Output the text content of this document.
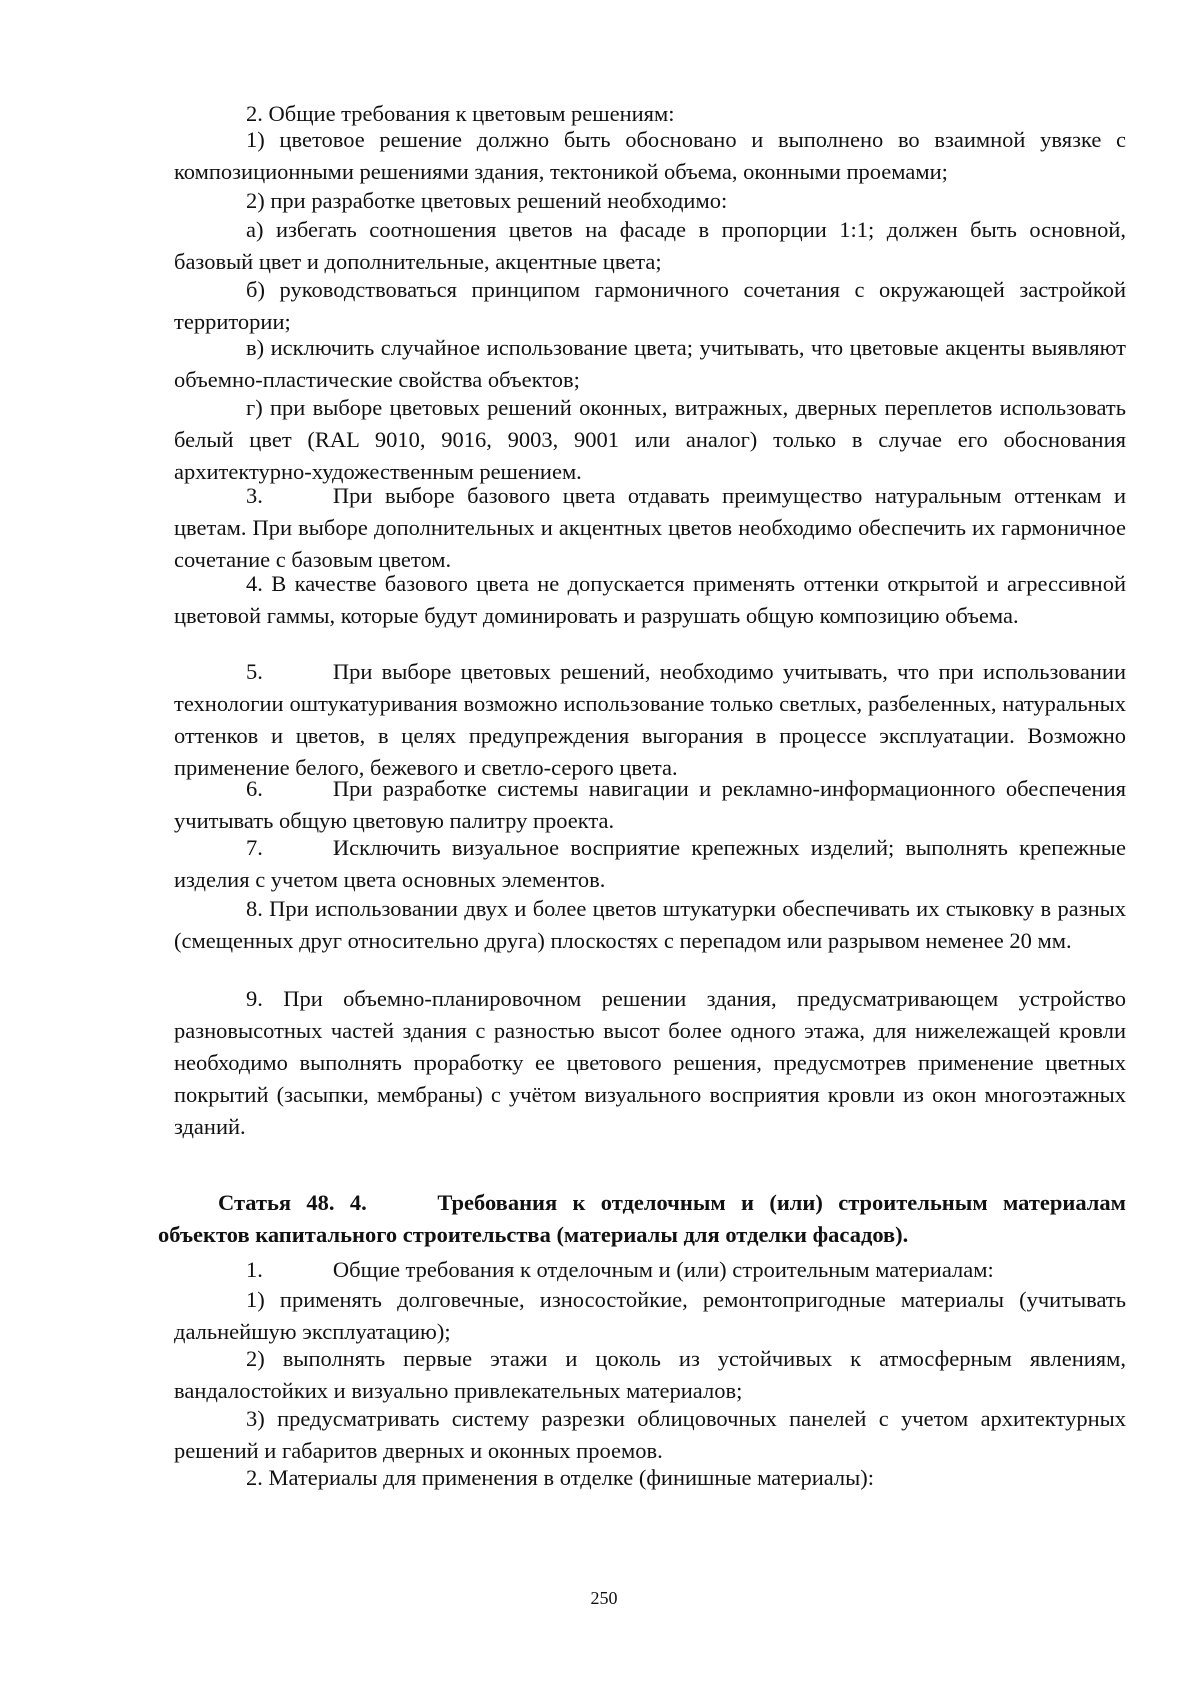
2. Общие требования к цветовым решениям:

1) цветовое решение должно быть обосновано и выполнено во взаимной увязке с композиционными решениями здания, тектоникой объема, оконными проемами;

2) при разработке цветовых решений необходимо:

а) избегать соотношения цветов на фасаде в пропорции 1:1; должен быть основной, базовый цвет и дополнительные, акцентные цвета;

б) руководствоваться принципом гармоничного сочетания с окружающей застройкой территории;

в) исключить случайное использование цвета; учитывать, что цветовые акценты выявляют объемно-пластические свойства объектов;

г) при выборе цветовых решений оконных, витражных, дверных переплетов использовать белый цвет (RAL 9010, 9016, 9003, 9001 или аналог) только в случае его обоснования архитектурно-художественным решением.

3.	При выборе базового цвета отдавать преимущество натуральным оттенкам и цветам. При выборе дополнительных и акцентных цветов необходимо обеспечить их гармоничное сочетание с базовым цветом.

4. В качестве базового цвета не допускается применять оттенки открытой и агрессивной цветовой гаммы, которые будут доминировать и разрушать общую композицию объема.

5.	При выборе цветовых решений, необходимо учитывать, что при использовании технологии оштукатуривания возможно использование только светлых, разбеленных, натуральных оттенков и цветов, в целях предупреждения выгорания в процессе эксплуатации. Возможно применение белого, бежевого и светло-серого цвета.

6.	При разработке системы навигации и рекламно-информационного обеспечения учитывать общую цветовую палитру проекта.

7.	Исключить визуальное восприятие крепежных изделий; выполнять крепежные изделия с учетом цвета основных элементов.

8. При использовании двух и более цветов штукатурки обеспечивать их стыковку в разных (смещенных друг относительно друга) плоскостях с перепадом или разрывом неменее 20 мм.

9. При объемно-планировочном решении здания, предусматривающем устройство разновысотных частей здания с разностью высот более одного этажа, для нижележащей кровли необходимо выполнять проработку ее цветового решения, предусмотрев применение цветных покрытий (засыпки, мембраны) с учётом визуального восприятия кровли из окон многоэтажных зданий.

Статья 48. 4.	Требования к отделочным и (или) строительным материалам объектов капитального строительства (материалы для отделки фасадов).

1.	Общие требования к отделочным и (или) строительным материалам:

1) применять долговечные, износостойкие, ремонтопригодные материалы (учитывать дальнейшую эксплуатацию);

2) выполнять первые этажи и цоколь из устойчивых к атмосферным явлениям, вандалостойких и визуально привлекательных материалов;

3) предусматривать систему разрезки облицовочных панелей с учетом архитектурных решений и габаритов дверных и оконных проемов.

2. Материалы для применения в отделке (финишные материалы):

250
